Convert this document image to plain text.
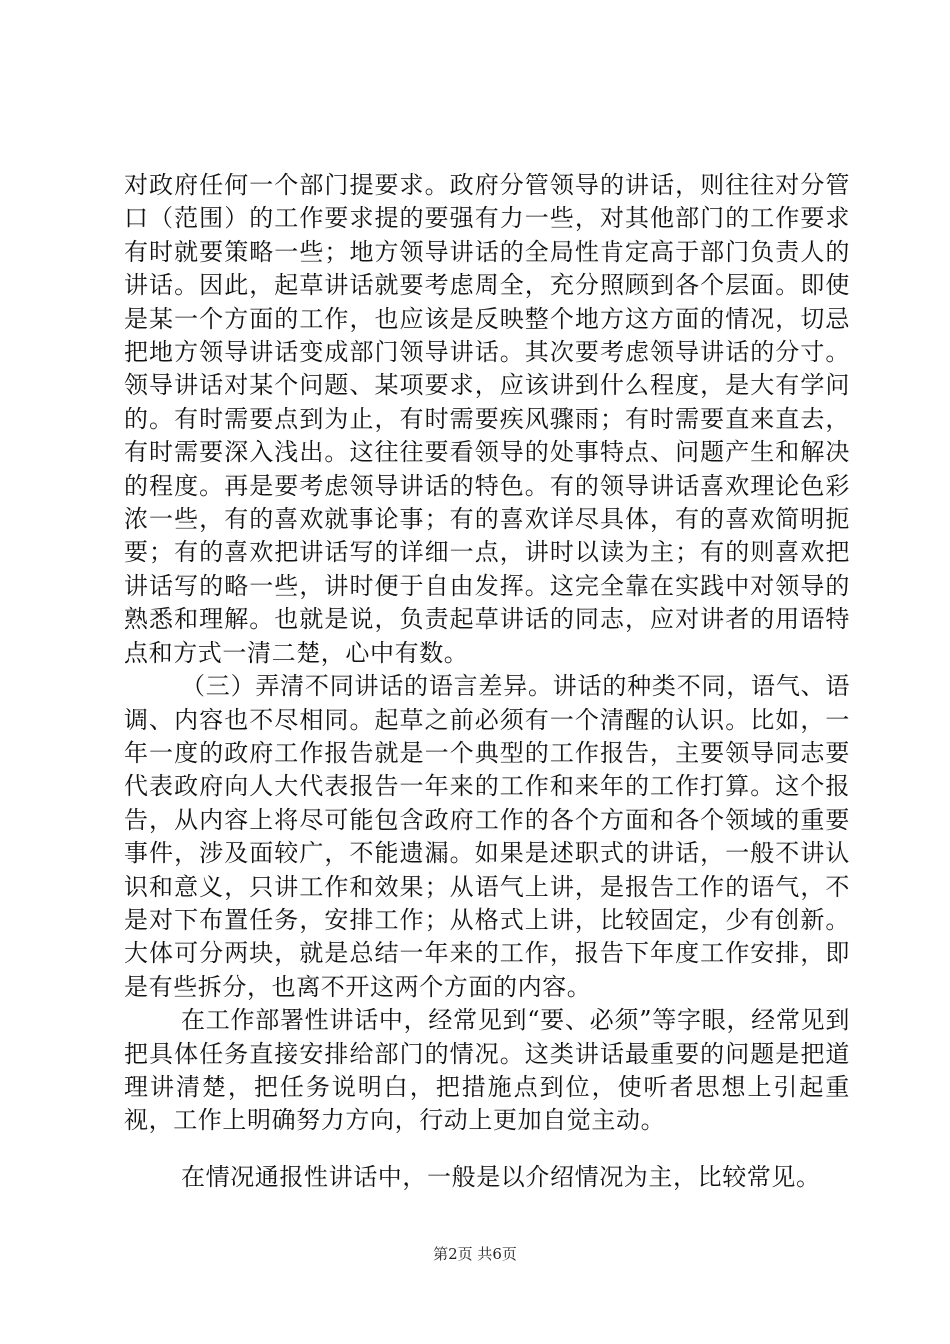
对政府任何一个部门提要求。政府分管领导的讲话，则往往对分管口（范围）的工作要求提的要强有力一些，对其他部门的工作要求有时就要策略一些；地方领导讲话的全局性肯定高于部门负责人的讲话。因此，起草讲话就要考虑周全，充分照顾到各个层面。即使是某一个方面的工作，也应该是反映整个地方这方面的情况，切忌把地方领导讲话变成部门领导讲话。其次要考虑领导讲话的分寸。领导讲话对某个问题、某项要求，应该讲到什么程度，是大有学问的。有时需要点到为止，有时需要疾风骤雨；有时需要直来直去，有时需要深入浅出。这往往要看领导的处事特点、问题产生和解决的程度。再是要考虑领导讲话的特色。有的领导讲话喜欢理论色彩浓一些，有的喜欢就事论事；有的喜欢详尽具体，有的喜欢简明扼要；有的喜欢把讲话写的详细一点，讲时以读为主；有的则喜欢把讲话写的略一些，讲时便于自由发挥。这完全靠在实践中对领导的熟悉和理解。也就是说，负责起草讲话的同志，应对讲者的用语特点和方式一清二楚，心中有数。

（三）弄清不同讲话的语言差异。讲话的种类不同，语气、语调、内容也不尽相同。起草之前必须有一个清醒的认识。比如，一年一度的政府工作报告就是一个典型的工作报告，主要领导同志要代表政府向人大代表报告一年来的工作和来年的工作打算。这个报告，从内容上将尽可能包含政府工作的各个方面和各个领域的重要事件，涉及面较广，不能遗漏。如果是述职式的讲话，一般不讲认识和意义，只讲工作和效果；从语气上讲，是报告工作的语气，不是对下布置任务，安排工作；从格式上讲，比较固定，少有创新。大体可分两块，就是总结一年来的工作，报告下年度工作安排，即是有些拆分，也离不开这两个方面的内容。

在工作部署性讲话中，经常见到“要、必须”等字眼，经常见到把具体任务直接安排给部门的情况。这类讲话最重要的问题是把道理讲清楚，把任务说明白，把措施点到位，使听者思想上引起重视，工作上明确努力方向，行动上更加自觉主动。

在情况通报性讲话中，一般是以介绍情况为主，比较常见。

第2页 共6页
